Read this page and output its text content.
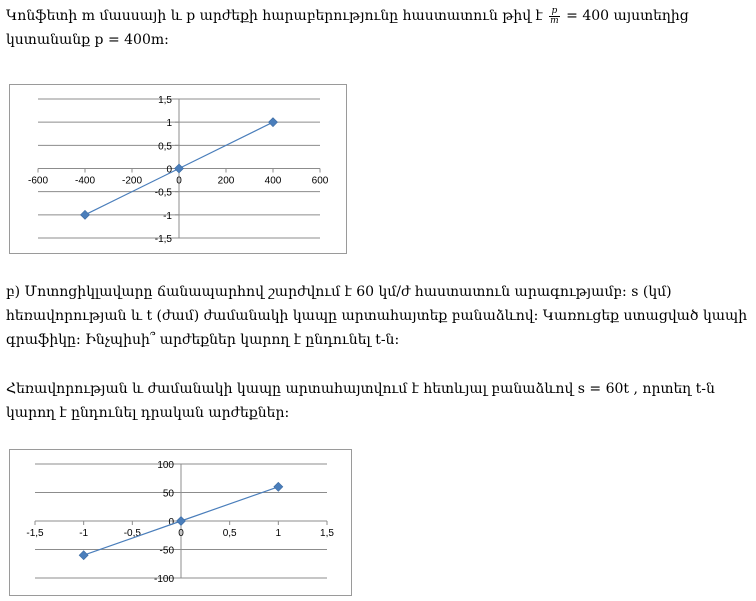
Կոնֆետի m մասսայի և p արժեքի հարաբերությունը հաստատուն թիվ է $\frac{p}{m} = 400$ այստեղից կստանանք p = 400m:

-600	-400	-200	0	200	400	600
-1,5
-1
-0,5
0
0,5
1
1,5

բ) Մոտոցիկլավարը ճանապարհով շարժվում է 60 կմ/ժ հաստատուն արագությամբ: s (կմ) հեռավորության և t (ժամ) ժամանակի կապը արտահայտեք բանաձևով: Կառուցեք ստացված կապի գրաֆիկը: Ինչպիսի՞ արժեքներ կարող է ընդունել t-ն:

Հեռավորության և ժամանակի կապը արտահայտվում է հետևյալ բանաձևով s = 60t , որտեղ t-ն կարող է ընդունել դրական արժեքներ:

-1,5	-1	-0,5	0	0,5	1	1,5
-100
-50
0
50
100
